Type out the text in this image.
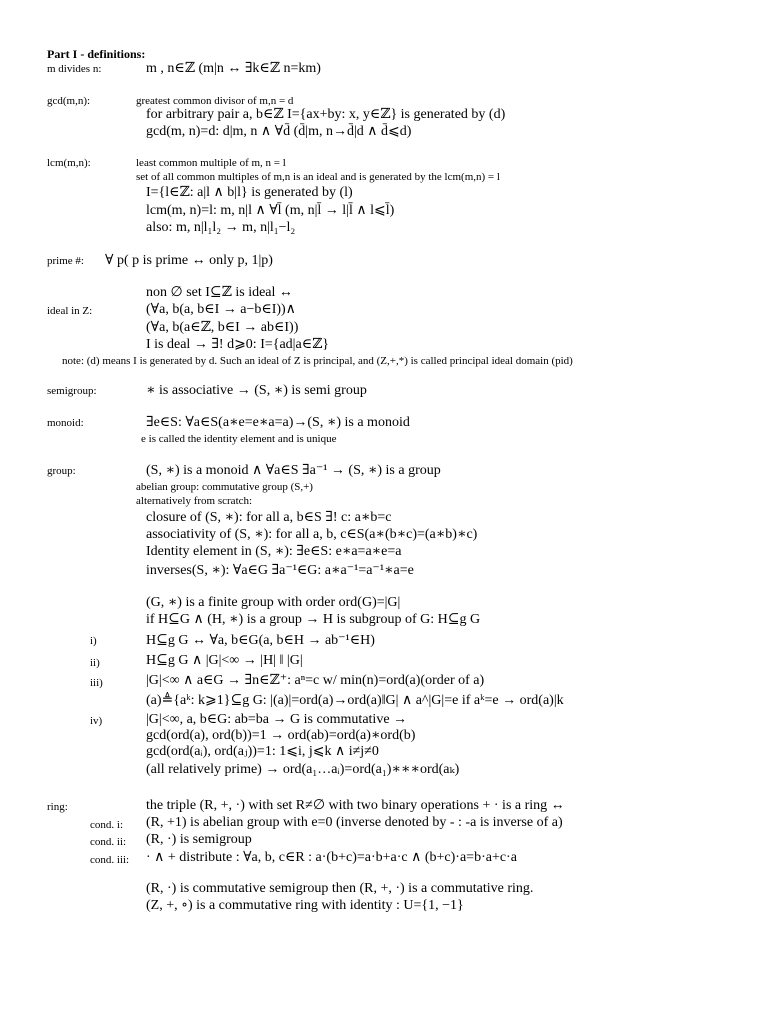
Part I - definitions:
m divides n:	m , n∈ℤ (m|n ↔ ∃k∈ℤ n=km)
gcd(m,n):	greatest common divisor of m,n = d
for arbitrary pair a, b∈ℤ I={ax+by: x, y∈ℤ} is generated by (d)
gcd(m, n)=d: d|m, n ∧ ∀d̄ (d̄|m, n→d̄|d ∧ d̄⩽d)
lcm(m,n):	least common multiple of m, n = l
set of all common multiples of m,n is an ideal and is generated by the lcm(m,n) = l
I={l∈ℤ: a|l ∧ b|l} is generated by (l)
lcm(m, n)=l: m, n|l ∧ ∀l̄ (m, n|l̄ → l|l̄ ∧ l⩽l̄)
also: m, n|l₁l₂ → m, n|l₁−l₂
prime #: ∀ p( p is prime ↔ only p, 1|p)
non ∅ set I⊆ℤ is ideal ↔
ideal in Z:	(∀a, b(a, b∈I → a−b∈I))∧
(∀a, b(a∈ℤ, b∈I → ab∈I))
I is deal → ∃! d⩾0: I={ad|a∈ℤ}
note: (d) means I is generated by d. Such an ideal of Z is principal, and (Z,+,*) is called principal ideal domain (pid)
semigroup:	∗ is associative → (S, ∗) is semi group
monoid:	∃e∈S: ∀a∈S(a∗e=e∗a=a)→(S, ∗) is a monoid
e is called the identity element and is unique
group:	(S, ∗) is a monoid ∧ ∀a∈S ∃a⁻¹ → (S, ∗) is a group
abelian group: commutative group (S,+)
alternatively from scratch:
closure of (S, ∗): for all a, b∈S ∃! c: a∗b=c
associativity of (S, ∗): for all a, b, c∈S(a∗(b∗c)=(a∗b)∗c)
Identity element in (S, ∗): ∃e∈S: e∗a=a∗e=a
inverses(S, ∗): ∀a∈G ∃a⁻¹∈G: a∗a⁻¹=a⁻¹∗a=e
(G, ∗) is a finite group with order ord(G)=|G|
if H⊆G ∧ (H, ∗) is a group → H is subgroup of G: H⊆g G
i)	H⊆g G ↔ ∀a, b∈G(a, b∈H → ab⁻¹∈H)
ii)	H⊆g G ∧ |G|<∞ → |H| ‖ |G|
iii)	|G|<∞ ∧ a∈G → ∃n∈ℤ⁺: aⁿ=c w/ min(n)=ord(a)(order of a)
(a)≜{aᵏ: k⩾1}⊆g G: |(a)|=ord(a)→ord(a)‖G| ∧ a^|G|=e if aᵏ=e → ord(a)|k
iv)	|G|<∞, a, b∈G: ab=ba → G is commutative →
gcd(ord(a), ord(b))=1 → ord(ab)=ord(a)∗ord(b)
gcd(ord(aᵢ), ord(aⱼ))=1: 1⩽i, j⩽k ∧ i≠j≠0
(all relatively prime) → ord(a₁…aᵢ)=ord(a₁)∗∗∗ord(aₖ)
ring:	the triple (R, +, ·) with set R≠∅ with two binary operations + · is a ring ↔
cond. i: (R, +1) is abelian group with e=0 (inverse denoted by - : -a is inverse of a)
cond. ii: (R, ·) is semigroup
cond. iii: · ∧ + distribute : ∀a, b, c∈R : a·(b+c)=a·b+a·c ∧ (b+c)·a=b·a+c·a
(R, ·) is commutative semigroup then (R, +, ·) is a commutative ring.
(Z, +, ∘) is a commutative ring with identity : U={1, −1}
